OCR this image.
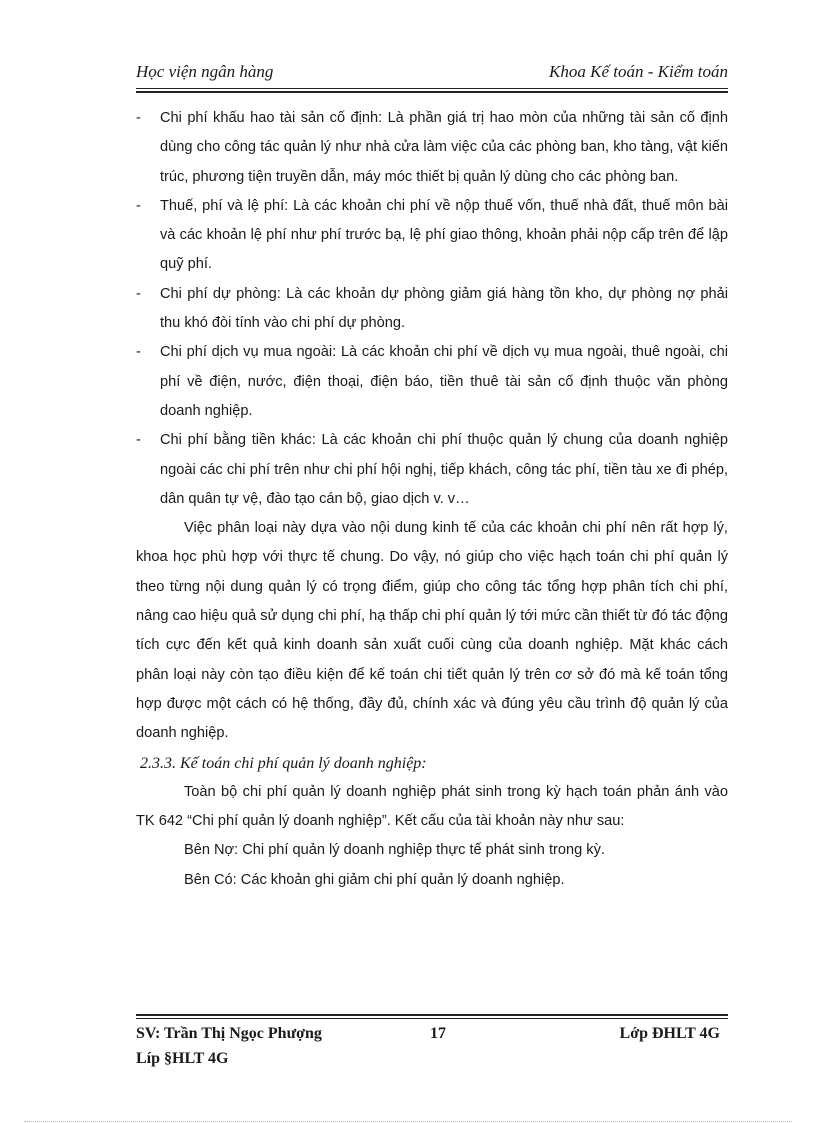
Học viện ngân hàng	Khoa Kế toán - Kiểm toán
- Chi phí khấu hao tài sản cố định: Là phần giá trị hao mòn của những tài sản cố định dùng cho công tác quản lý như nhà cửa làm việc của các phòng ban, kho tàng, vật kiến trúc, phương tiện truyền dẫn, máy móc thiết bị quản lý dùng cho các phòng ban.
- Thuế, phí và lệ phí: Là các khoản chi phí về nộp thuế vốn, thuế nhà đất, thuế môn bài và các khoản lệ phí như phí trước bạ, lệ phí giao thông, khoản phải nộp cấp trên để lập quỹ phí.
- Chi phí dự phòng: Là các khoản dự phòng giảm giá hàng tồn kho, dự phòng nợ phải thu khó đòi tính vào chi phí dự phòng.
- Chi phí dịch vụ mua ngoài: Là các khoản chi phí về dịch vụ mua ngoài, thuê ngoài, chi phí về điện, nước, điện thoại, điện báo, tiền thuê tài sản cố định thuộc văn phòng doanh nghiệp.
- Chi phí bằng tiền khác: Là các khoản chi phí thuộc quản lý chung của doanh nghiệp ngoài các chi phí trên như chi phí hội nghị, tiếp khách, công tác phí, tiền tàu xe đi phép, dân quân tự vệ, đào tạo cán bộ, giao dịch v. v…

Việc phân loại này dựa vào nội dung kinh tế của các khoản chi phí nên rất hợp lý, khoa học phù hợp với thực tế chung. Do vậy, nó giúp cho việc hạch toán chi phí quản lý theo từng nội dung quản lý có trọng điểm, giúp cho công tác tổng hợp phân tích chi phí, nâng cao hiệu quả sử dụng chi phí, hạ thấp chi phí quản lý tới mức cần thiết từ đó tác động tích cực đến kết quả kinh doanh sản xuất cuối cùng của doanh nghiệp. Mặt khác cách phân loại này còn tạo điều kiện để kế toán chi tiết quản lý trên cơ sở đó mà kế toán tổng hợp được một cách có hệ thống, đầy đủ, chính xác và đúng yêu cầu trình độ quản lý của doanh nghiệp.

2.3.3. Kế toán chi phí quản lý doanh nghiệp:

Toàn bộ chi phí quản lý doanh nghiệp phát sinh trong kỳ hạch toán phản ánh vào TK 642 “Chi phí quản lý doanh nghiệp”. Kết cấu của tài khoản này như sau:

Bên Nợ: Chi phí quản lý doanh nghiệp thực tế phát sinh trong kỳ.
Bên Có: Các khoản ghi giảm chi phí quản lý doanh nghiệp.
SV: Trần Thị Ngọc Phượng	17	Lớp ĐHLT 4G
Líp §HLT 4G
